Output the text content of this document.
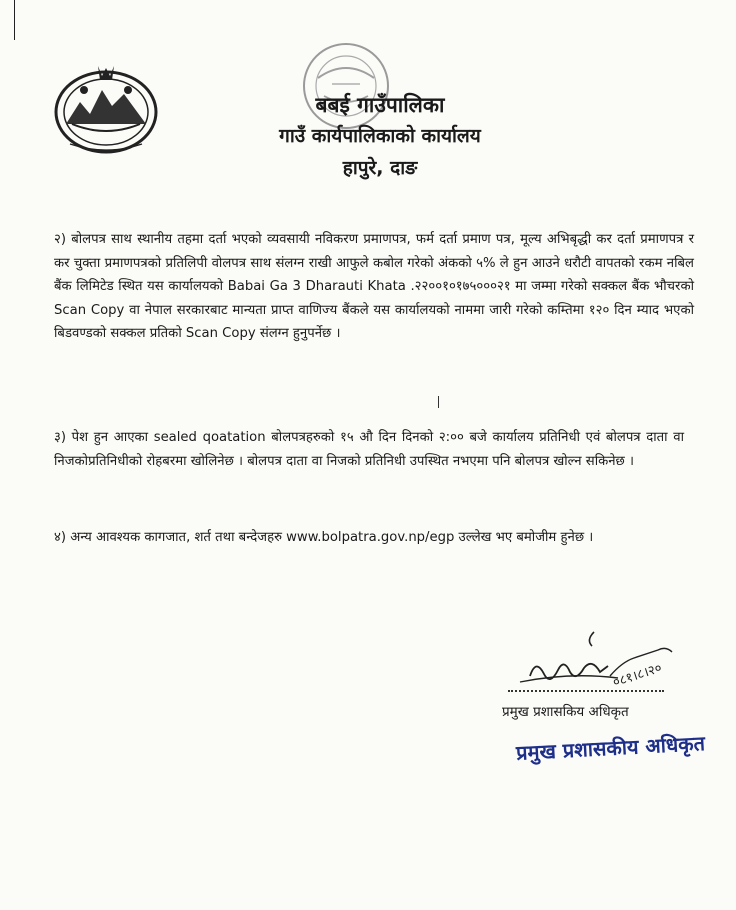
बबई गाउँपालिका
गाउँ कार्यपालिकाको कार्यालय
हापुरे, दाङ
२) बोलपत्र साथ स्थानीय तहमा दर्ता भएको व्यवसायी नविकरण प्रमाणपत्र, फर्म दर्ता प्रमाण पत्र, मूल्य अभिबृद्धी कर दर्ता प्रमाणपत्र र कर चुक्ता प्रमाणपत्रको प्रतिलिपी वोलपत्र साथ संलग्न राखी आफुले कबोल गरेको अंकको ५% ले हुन आउने धरौटी वापतको रकम नबिल बैंक लिमिटेड स्थित यस कार्यालयको Babai Ga 3 Dharauti Khata .२२००१०१७५०००२१ मा जम्मा गरेको सक्कल बैंक भौचरको Scan Copy वा नेपाल सरकारबाट मान्यता प्राप्त वाणिज्य बैंकले यस कार्यालयको नाममा जारी गरेको कम्तिमा १२० दिन म्याद भएको बिडवण्डको सक्कल प्रतिको Scan Copy संलग्न हुनुपर्नेछ ।
३) पेश हुन आएका sealed qoatation बोलपत्रहरुको १५ औ दिन दिनको २:०० बजे कार्यालय प्रतिनिधी एवं बोलपत्र दाता वा निजकोप्रतिनिधीको रोहबरमा खोलिनेछ । बोलपत्र दाता वा निजको प्रतिनिधी उपस्थित नभएमा पनि बोलपत्र खोल्न सकिनेछ ।
४) अन्य आवश्यक कागजात, शर्त तथा बन्देजहरु www.bolpatra.gov.np/egp उल्लेख भए बमोजीम हुनेछ ।
०८१।८।२०
प्रमुख प्रशासकिय अधिकृत
प्रमुख प्रशासकीय अधिकृत
